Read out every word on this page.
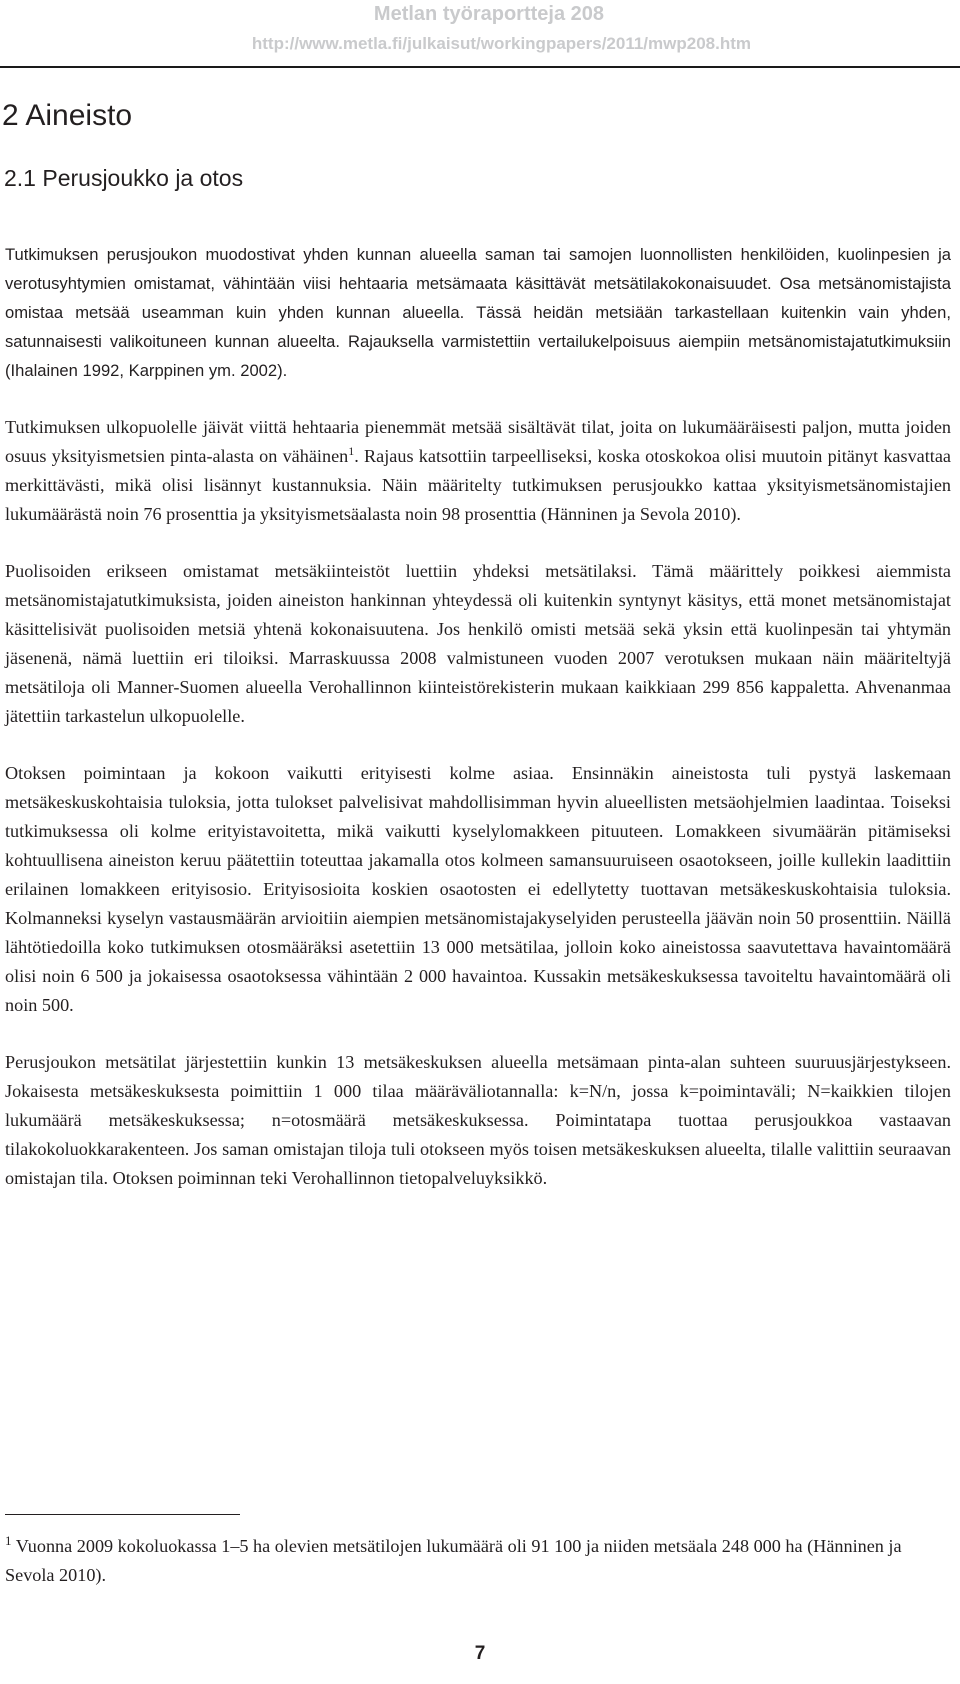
Metlan työraportteja 208
http://www.metla.fi/julkaisut/workingpapers/2011/mwp208.htm
2 Aineisto
2.1 Perusjoukko ja otos

Tutkimuksen perusjoukon muodostivat yhden kunnan alueella saman tai samojen luonnollisten henkilöiden, kuolinpesien ja verotusyhtymien omistamat, vähintään viisi hehtaaria metsämaata käsittävät metsätilakokonaisuudet. Osa metsänomistajista omistaa metsää useamman kuin yhden kunnan alueella. Tässä heidän metsiään tarkastellaan kuitenkin vain yhden, satunnaisesti valikoituneen kunnan alueelta. Rajauksella varmistettiin vertailukelpoisuus aiempiin metsänomistajatutkimuksiin (Ihalainen 1992, Karppinen ym. 2002).

Tutkimuksen ulkopuolelle jäivät viittä hehtaaria pienemmät metsää sisältävät tilat, joita on lukumääräisesti paljon, mutta joiden osuus yksityismetsien pinta-alasta on vähäinen$^1$. Rajaus katsottiin tarpeelliseksi, koska otoskokoa olisi muutoin pitänyt kasvattaa merkittävästi, mikä olisi lisännyt kustannuksia. Näin määritelty tutkimuksen perusjoukko kattaa yksityismetsänomistajien lukumäärästä noin 76 prosenttia ja yksityismetsäalasta noin 98 prosenttia (Hänninen ja Sevola 2010).

Puolisoiden erikseen omistamat metsäkiinteistöt luettiin yhdeksi metsätilaksi. Tämä määrittely poikkesi aiemmista metsänomistajatutkimuksista, joiden aineiston hankinnan yhteydessä oli kuitenkin syntynyt käsitys, että monet metsänomistajat käsittelisivät puolisoiden metsiä yhtenä kokonaisuutena. Jos henkilö omisti metsää sekä yksin että kuolinpesän tai yhtymän jäsenenä, nämä luettiin eri tiloiksi. Marraskuussa 2008 valmistuneen vuoden 2007 verotuksen mukaan näin määriteltyjä metsätiloja oli Manner-Suomen alueella Verohallinnon kiinteistörekisterin mukaan kaikkiaan 299 856 kappaletta. Ahvenanmaa jätettiin tarkastelun ulkopuolelle.

Otoksen poimintaan ja kokoon vaikutti erityisesti kolme asiaa. Ensinnäkin aineistosta tuli pystyä laskemaan metsäkeskuskohtaisia tuloksia, jotta tulokset palvelisivat mahdollisimman hyvin alueellisten metsäohjelmien laadintaa. Toiseksi tutkimuksessa oli kolme erityistavoitetta, mikä vaikutti kyselylomakkeen pituuteen. Lomakkeen sivumäärän pitämiseksi kohtuullisena aineiston keruu päätettiin toteuttaa jakamalla otos kolmeen samansuuruiseen osaotokseen, joille kullekin laadittiin erilainen lomakkeen erityisosio. Erityisosioita koskien osaotosten ei edellytetty tuottavan metsäkeskuskohtaisia tuloksia. Kolmanneksi kyselyn vastausmäärän arvioitiin aiempien metsänomistajakyselyiden perusteella jäävän noin 50 prosenttiin. Näillä lähtötiedoilla koko tutkimuksen otosmääräksi asetettiin 13 000 metsätilaa, jolloin koko aineistossa saavutettava havaintomäärä olisi noin 6 500 ja jokaisessa osaotoksessa vähintään 2 000 havaintoa. Kussakin metsäkeskuksessa tavoiteltu havaintomäärä oli noin 500.

Perusjoukon metsätilat järjestettiin kunkin 13 metsäkeskuksen alueella metsämaan pinta-alan suhteen suuruusjärjestykseen. Jokaisesta metsäkeskuksesta poimittiin 1 000 tilaa määräväliotannalla: k=N/n, jossa k=poimintaväli; N=kaikkien tilojen lukumäärä metsäkeskuksessa; n=otosmäärä metsäkeskuksessa. Poimintatapa tuottaa perusjoukkoa vastaavan tilakokoluokkarakenteen. Jos saman omistajan tiloja tuli otokseen myös toisen metsäkeskuksen alueelta, tilalle valittiin seuraavan omistajan tila. Otoksen poiminnan teki Verohallinnon tietopalveluyksikkö.

$^1$ Vuonna 2009 kokoluokassa 1–5 ha olevien metsätilojen lukumäärä oli 91 100 ja niiden metsäala 248 000 ha (Hänninen ja Sevola 2010).
7
